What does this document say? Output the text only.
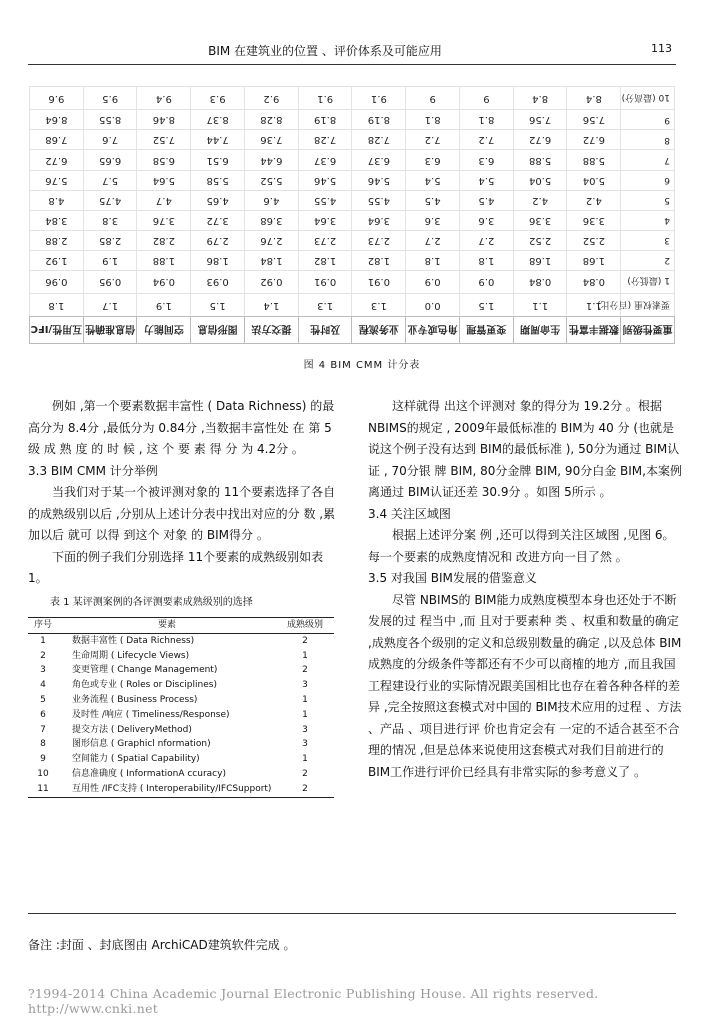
BIM 在建筑业的位置 、评价体系及可能应用	113
重要性级别	数据丰富性	生命周期	变更管理	角色或专业	业务流程	及时性	提交方法	图形信息	空间能力	信息准确性	互用性/IFC
要素权重 (百分比)	1.1	1.1	1.5	0.0	1.3	1.3	1.4	1.5	1.9	1.7	1.8
1 (最低分)	0.84	0.84	0.9	0.9	0.91	0.91	0.92	0.93	0.94	0.95	0.96
2	1.68	1.68	1.8	1.8	1.82	1.82	1.84	1.86	1.88	1.9	1.92
3	2.52	2.52	2.7	2.7	2.73	2.73	2.76	2.79	2.82	2.85	2.88
4	3.36	3.36	3.6	3.6	3.64	3.64	3.68	3.72	3.76	3.8	3.84
5	4.2	4.2	4.5	4.5	4.55	4.55	4.6	4.65	4.7	4.75	4.8
6	5.04	5.04	5.4	5.4	5.46	5.46	5.52	5.58	5.64	5.7	5.76
7	5.88	5.88	6.3	6.3	6.37	6.37	6.44	6.51	6.58	6.65	6.72
8	6.72	6.72	7.2	7.2	7.28	7.28	7.36	7.44	7.52	7.6	7.68
9	7.56	7.56	8.1	8.1	8.19	8.19	8.28	8.37	8.46	8.55	8.64
10 (最高分)	8.4	8.4	9	9	9.1	9.1	9.2	9.3	9.4	9.5	9.6
图 4 BIM CMM 计分表

例如 ,第一个要素数据丰富性 ( Data Richness) 的最高分为 8.4分 ,最低分为 0.84分 ,当数据丰富性处 在 第 5级 成 熟 度 的 时 候 , 这 个 要 素 得 分 为 4.2分 。

3.3 BIM CMM 计分举例

当我们对于某一个被评测对象的 11个要素选择了各自的成熟级别以后 ,分别从上述计分表中找出对应的分 数 ,累 加以后 就可 以得 到这个 对象 的 BIM得分 。

下面的例子我们分别选择 11个要素的成熟级别如表 1。

表 1 某评测案例的各评测要素成熟级别的选择
序号	要素	成熟级别
1	数据丰富性 ( Data Richness)	2
2	生命周期 ( Lifecycle Views)	1
3	变更管理 ( Change Management)	2
4	角色或专业 ( Roles or Disciplines)	3
5	业务流程 ( Business Process)	1
6	及时性 /响应 ( Timeliness/Response)	1
7	提交方法 ( DeliveryMethod)	3
8	图形信息 ( Graphicl nformation)	3
9	空间能力 ( Spatial Capability)	1
10	信息准确度 ( InformationA ccuracy)	2
11	互用性 /IFC支持 ( Interoperability/IFCSupport)	2

这样就得 出这个评测对 象的得分为 19.2分 。根据 NBIMS的规定 , 2009年最低标准的 BIM为 40 分 (也就是说这个例子没有达到 BIM的最低标准 ), 50分为通过 BIM认证 , 70分银 牌 BIM, 80分金牌 BIM, 90分白金 BIM,本案例离通过 BIM认证还差 30.9分 。如图 5所示 。

3.4 关注区域图

根据上述评分案 例 ,还可以得到关注区域图 ,见图 6。每一个要素的成熟度情况和 改进方向一目了然 。

3.5 对我国 BIM发展的借鉴意义

尽管 NBIMS的 BIM能力成熟度模型本身也还处于不断发展的过 程当中 ,而 且对于要素种 类 、权重和数量的确定 ,成熟度各个级别的定义和总级别数量的确定 ,以及总体 BIM成熟度的分级条件等都还有不少可以商榷的地方 ,而且我国工程建设行业的实际情况跟美国相比也存在着各种各样的差异 ,完全按照这套模式对中国的 BIM技术应用的过程 、方法 、产品 、项目进行评 价也肯定会有 一定的不适合甚至不合理的情况 ,但是总体来说使用这套模式对我们目前进行的 BIM工作进行评价已经具有非常实际的参考意义了 。

备注 :封面 、封底图由 ArchiCAD建筑软件完成 。
?1994-2014 China Academic Journal Electronic Publishing House. All rights reserved. http://www.cnki.net
